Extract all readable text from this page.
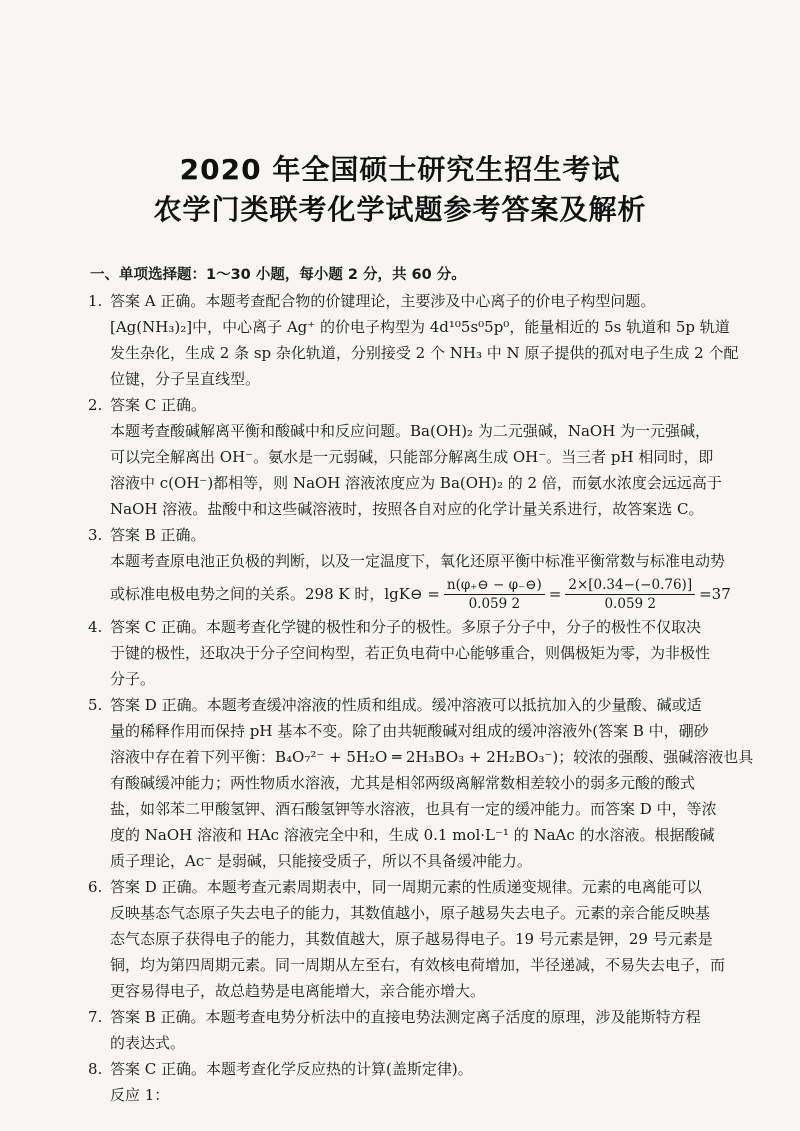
2020 年全国硕士研究生招生考试
农学门类联考化学试题参考答案及解析
一、单项选择题：1～30 小题，每小题 2 分，共 60 分。
1. 答案 A 正确。本题考查配合物的价键理论，主要涉及中心离子的价电子构型问题。

[Ag(NH₃)₂]中，中心离子 Ag⁺ 的价电子构型为 4d¹⁰5s⁰5p⁰，能量相近的 5s 轨道和 5p 轨道

发生杂化，生成 2 条 sp 杂化轨道，分别接受 2 个 NH₃ 中 N 原子提供的孤对电子生成 2 个配

位键，分子呈直线型。

2. 答案 C 正确。

本题考查酸碱解离平衡和酸碱中和反应问题。Ba(OH)₂ 为二元强碱，NaOH 为一元强碱，

可以完全解离出 OH⁻。氨水是一元弱碱，只能部分解离生成 OH⁻。当三者 pH 相同时，即

溶液中 c(OH⁻)都相等，则 NaOH 溶液浓度应为 Ba(OH)₂ 的 2 倍，而氨水浓度会远远高于

NaOH 溶液。盐酸中和这些碱溶液时，按照各自对应的化学计量关系进行，故答案选 C。

3. 答案 B 正确。

本题考查原电池正负极的判断，以及一定温度下，氧化还原平衡中标准平衡常数与标准电动势

或标准电极电势之间的关系。298 K 时，lgK⊖ = $\frac{n(\varphi_+⊖ - \varphi_-⊖)}{0.059 2} = \frac{2\times[0.34-(-0.76)]}{0.059 2} =37$
4. 答案 C 正确。本题考查化学键的极性和分子的极性。多原子分子中，分子的极性不仅取决

于键的极性，还取决于分子空间构型，若正负电荷中心能够重合，则偶极矩为零，为非极性

分子。

5. 答案 D 正确。本题考查缓冲溶液的性质和组成。缓冲溶液可以抵抗加入的少量酸、碱或适

量的稀释作用而保持 pH 基本不变。除了由共轭酸碱对组成的缓冲溶液外(答案 B 中，硼砂

溶液中存在着下列平衡：B₄O₇²⁻ + 5H₂O ═ 2H₃BO₃ + 2H₂BO₃⁻)；较浓的强酸、强碱溶液也具

有酸碱缓冲能力；两性物质水溶液，尤其是相邻两级离解常数相差较小的弱多元酸的酸式

盐，如邻苯二甲酸氢钾、酒石酸氢钾等水溶液，也具有一定的缓冲能力。而答案 D 中，等浓

度的 NaOH 溶液和 HAc 溶液完全中和，生成 0.1 mol·L⁻¹ 的 NaAc 的水溶液。根据酸碱

质子理论，Ac⁻ 是弱碱，只能接受质子，所以不具备缓冲能力。

6. 答案 D 正确。本题考查元素周期表中，同一周期元素的性质递变规律。元素的电离能可以

反映基态气态原子失去电子的能力，其数值越小，原子越易失去电子。元素的亲合能反映基

态气态原子获得电子的能力，其数值越大，原子越易得电子。19 号元素是钾，29 号元素是

铜，均为第四周期元素。同一周期从左至右，有效核电荷增加，半径递减，不易失去电子，而

更容易得电子，故总趋势是电离能增大，亲合能亦增大。

7. 答案 B 正确。本题考查电势分析法中的直接电势法测定离子活度的原理，涉及能斯特方程

的表达式。

8. 答案 C 正确。本题考查化学反应热的计算(盖斯定律)。

反应 1：
